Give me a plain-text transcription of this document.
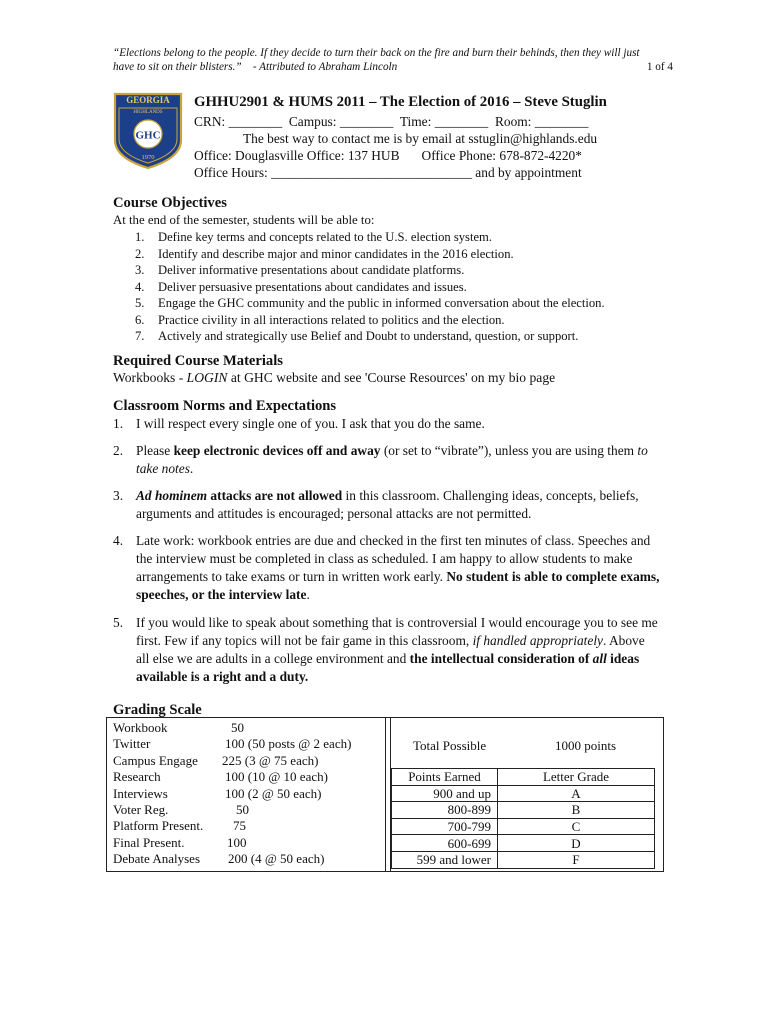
“Elections belong to the people. If they decide to turn their back on the fire and burn their behinds, then they will just
have to sit on their blisters.”    - Attributed to Abraham Lincoln	1 of 4
GEORGIA
HIGHLANDS
GHC
1970
GHHU2901 & HUMS 2011 – The Election of 2016 – Steve Stuglin
CRN: ________  Campus: ________  Time: ________  Room: ________
The best way to contact me is by email at sstuglin@highlands.edu
Office: Douglasville Office: 137 HUB Office Phone: 678-872-4220*
Office Hours: ______________________________ and by appointment
Course Objectives
At the end of the semester, students will be able to:
1. Define key terms and concepts related to the U.S. election system.
2. Identify and describe major and minor candidates in the 2016 election.
3. Deliver informative presentations about candidate platforms.
4. Deliver persuasive presentations about candidates and issues.
5. Engage the GHC community and the public in informed conversation about the election.
6. Practice civility in all interactions related to politics and the election.
7. Actively and strategically use Belief and Doubt to understand, question, or support.
Required Course Materials
Workbooks - LOGIN at GHC website and see 'Course Resources' on my bio page
Classroom Norms and Expectations
1. I will respect every single one of you. I ask that you do the same.
2. Please keep electronic devices off and away (or set to “vibrate”), unless you are using them to take notes.
3. Ad hominem attacks are not allowed in this classroom. Challenging ideas, concepts, beliefs, arguments and attitudes is encouraged; personal attacks are not permitted.
4. Late work: workbook entries are due and checked in the first ten minutes of class. Speeches and the interview must be completed in class as scheduled. I am happy to allow students to make arrangements to take exams or turn in written work early. No student is able to complete exams, speeches, or the interview late.
5. If you would like to speak about something that is controversial I would encourage you to see me first. Few if any topics will not be fair game in this classroom, if handled appropriately. Above all else we are adults in a college environment and the intellectual consideration of all ideas available is a right and a duty.
Grading Scale
Workbook	50
Twitter	100 (50 posts @ 2 each)
Campus Engage 225 (3 @ 75 each)
Research	100 (10 @ 10 each)
Interviews	100 (2 @ 50 each)
Voter Reg.	50
Platform Present. 75
Final Present.	100
Debate Analyses 200 (4 @ 50 each)
Total Possible	1000 points
Points Earned	Letter Grade
900 and up	A
800-899	B
700-799	C
600-699	D
599 and lower	F
